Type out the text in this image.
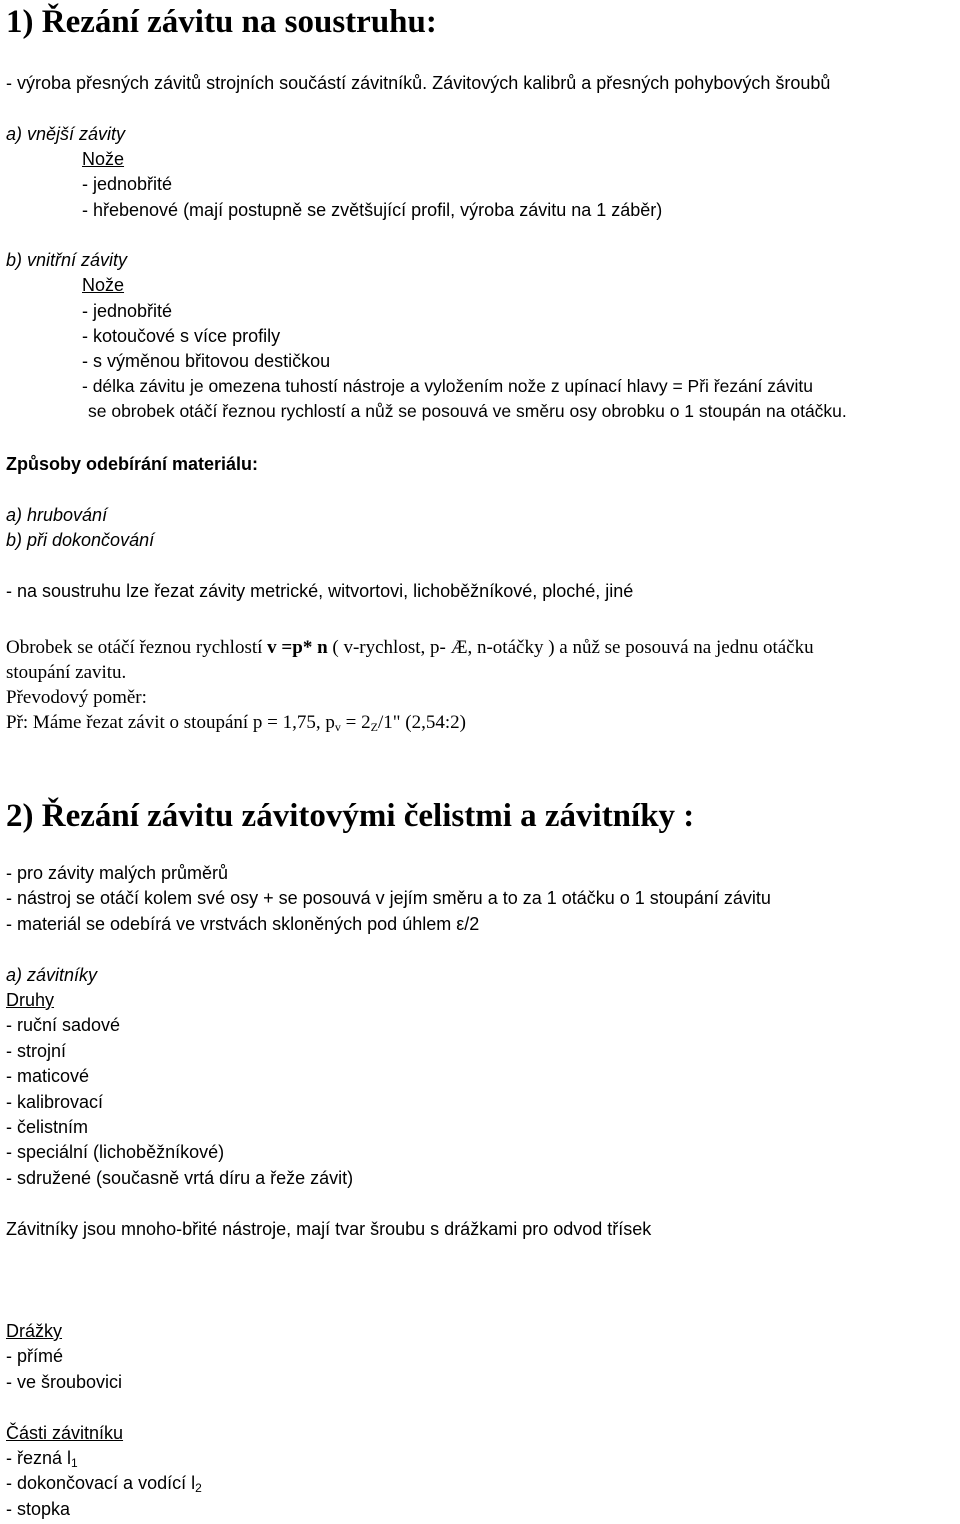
1) Řezání závitu na soustruhu:
- výroba přesných závitů strojních součástí závitníků. Závitových kalibrů a přesných pohybových šroubů
a) vnější závity
Nože
- jednobřité
- hřebenové (mají postupně se zvětšující profil, výroba závitu na 1 záběr)
b) vnitřní závity
Nože
- jednobřité
- kotoučové s více profily
- s výměnou břitovou destičkou
- délka závitu je omezena tuhostí nástroje a vyložením nože z upínací hlavy = Při řezání závitu
se obrobek otáčí řeznou rychlostí a nůž se posouvá ve směru osy obrobku o 1 stoupán na otáčku.
Způsoby odebírání materiálu:
a) hrubování
b) při dokončování
- na soustruhu lze řezat závity metrické, witvortovi, lichoběžníkové, ploché, jiné
Obrobek se otáčí řeznou rychlostí v =p* n ( v-rychlost, p- Æ, n-otáčky ) a nůž se posouvá na jednu otáčku
stoupání zavitu.
Převodový poměr:
Př: Máme řezat závit o stoupání p = 1,75, $p_v = 2_Z/1$" (2,54:2)
2) Řezání závitu závitovými čelistmi a závitníky :
- pro závity malých průměrů
- nástroj se otáčí kolem své osy + se posouvá v jejím směru a to za 1 otáčku o 1 stoupání závitu
- materiál se odebírá ve vrstvách skloněných pod úhlem ε/2
a) závitníky
Druhy
- ruční sadové
- strojní
- maticové
- kalibrovací
- čelistním
- speciální (lichoběžníkové)
- sdružené (současně vrtá díru a řeže závit)
Závitníky jsou mnoho-břité nástroje, mají tvar šroubu s drážkami pro odvod třísek
Drážky
- přímé
- ve šroubovici
Části závitníku
- řezná $l_1$
- dokončovací a vodící $l_2$
- stopka
